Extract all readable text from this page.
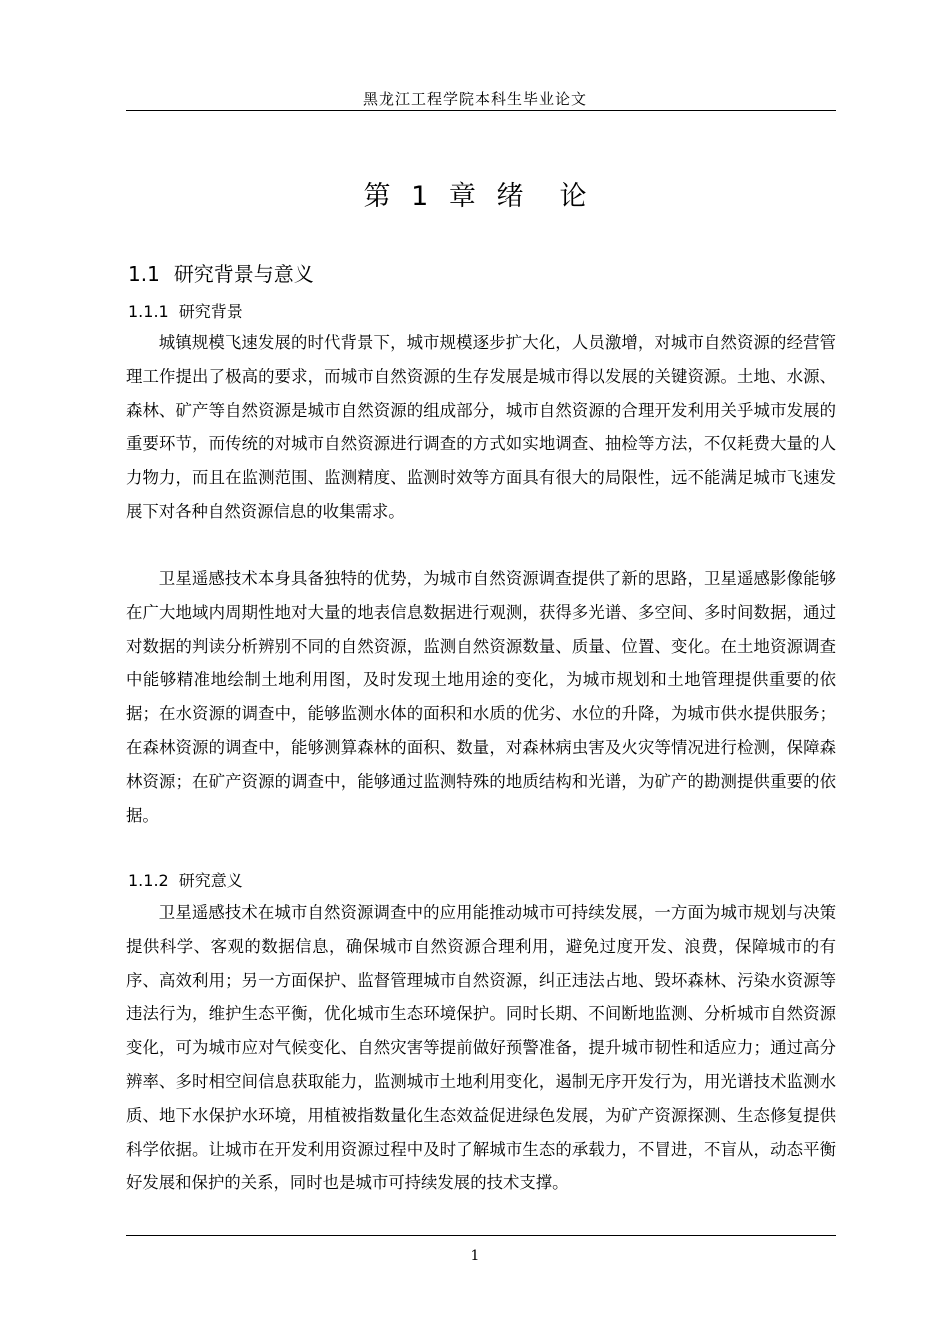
黑龙江工程学院本科生毕业论文
第 1 章 绪 论
1.1 研究背景与意义
1.1.1 研究背景

城镇规模飞速发展的时代背景下，城市规模逐步扩大化，人员激增，对城市自然资源的经营管理工作提出了极高的要求，而城市自然资源的生存发展是城市得以发展的关键资源。土地、水源、森林、矿产等自然资源是城市自然资源的组成部分，城市自然资源的合理开发利用关乎城市发展的重要环节，而传统的对城市自然资源进行调查的方式如实地调查、抽检等方法，不仅耗费大量的人力物力，而且在监测范围、监测精度、监测时效等方面具有很大的局限性，远不能满足城市飞速发展下对各种自然资源信息的收集需求。

卫星遥感技术本身具备独特的优势，为城市自然资源调查提供了新的思路，卫星遥感影像能够在广大地域内周期性地对大量的地表信息数据进行观测，获得多光谱、多空间、多时间数据，通过对数据的判读分析辨别不同的自然资源，监测自然资源数量、质量、位置、变化。在土地资源调查中能够精准地绘制土地利用图，及时发现土地用途的变化，为城市规划和土地管理提供重要的依据；在水资源的调查中，能够监测水体的面积和水质的优劣、水位的升降，为城市供水提供服务；在森林资源的调查中，能够测算森林的面积、数量，对森林病虫害及火灾等情况进行检测，保障森林资源；在矿产资源的调查中，能够通过监测特殊的地质结构和光谱，为矿产的勘测提供重要的依据。

1.1.2 研究意义

卫星遥感技术在城市自然资源调查中的应用能推动城市可持续发展，一方面为城市规划与决策提供科学、客观的数据信息，确保城市自然资源合理利用，避免过度开发、浪费，保障城市的有序、高效利用；另一方面保护、监督管理城市自然资源，纠正违法占地、毁坏森林、污染水资源等违法行为，维护生态平衡，优化城市生态环境保护。同时长期、不间断地监测、分析城市自然资源变化，可为城市应对气候变化、自然灾害等提前做好预警准备，提升城市韧性和适应力；通过高分辨率、多时相空间信息获取能力，监测城市土地利用变化，遏制无序开发行为，用光谱技术监测水质、地下水保护水环境，用植被指数量化生态效益促进绿色发展，为矿产资源探测、生态修复提供科学依据。让城市在开发利用资源过程中及时了解城市生态的承载力，不冒进，不盲从，动态平衡好发展和保护的关系，同时也是城市可持续发展的技术支撑。

1
